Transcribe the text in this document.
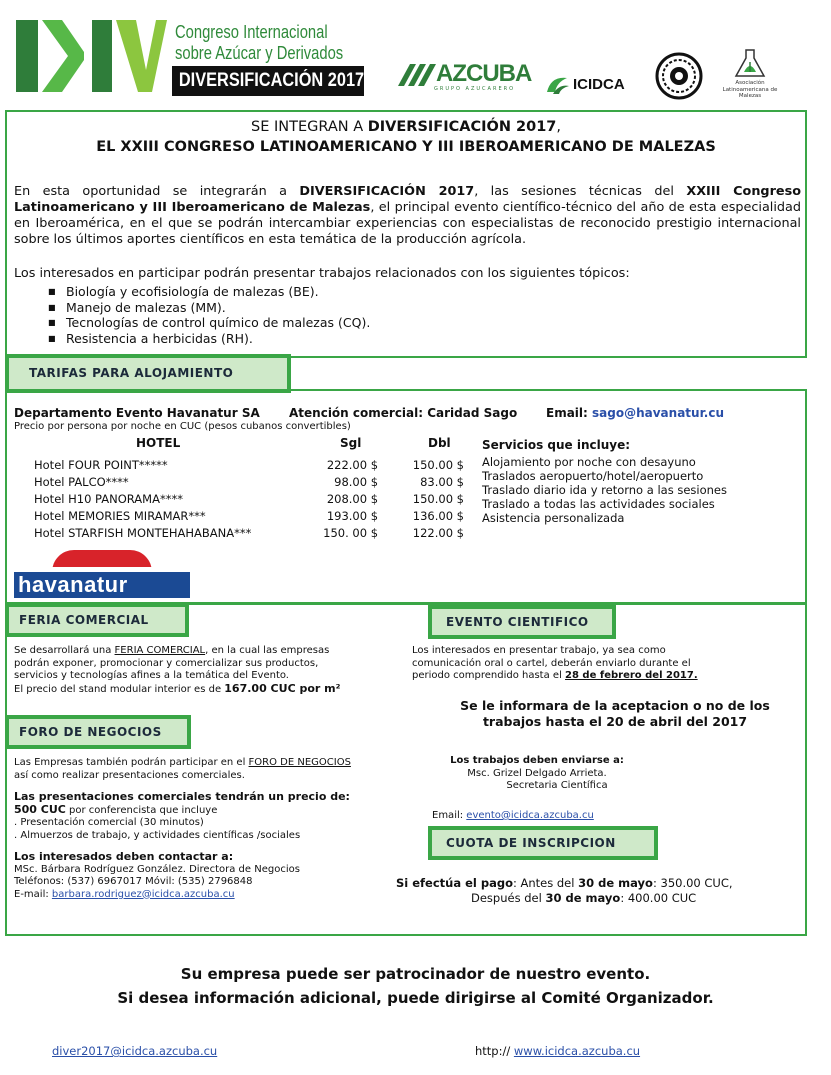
Congreso Internacional
sobre Azúcar y Derivados
DIVERSIFICACIÓN 2017	AZCUBA
GRUPO AZUCARERO	ICIDCA	Asociación Latinoamericana de Malezas
SE INTEGRAN A DIVERSIFICACIÓN 2017,
EL XXIII CONGRESO LATINOAMERICANO Y III IBEROAMERICANO DE MALEZAS
En esta oportunidad se integrarán a DIVERSIFICACIÓN 2017, las sesiones técnicas del XXIII Congreso Latinoamericano y III Iberoamericano de Malezas, el principal evento científico-técnico del año de esta especialidad en Iberoamérica, en el que se podrán intercambiar experiencias con especialistas de reconocido prestigio internacional sobre los últimos aportes científicos en esta temática de la producción agrícola.
Los interesados en participar podrán presentar trabajos relacionados con los siguientes tópicos:
■ Biología y ecofisiología de malezas (BE).
■ Manejo de malezas (MM).
■ Tecnologías de control químico de malezas (CQ).
■ Resistencia a herbicidas (RH).
TARIFAS PARA ALOJAMIENTO
Departamento Evento Havanatur SA Atención comercial: Caridad Sago Email: sago@havanatur.cu
Precio por persona por noche en CUC (pesos cubanos convertibles)
HOTEL	Sgl	Dbl
Hotel FOUR POINT*****	222.00 $	150.00 $
Hotel PALCO****	98.00 $	83.00 $
Hotel H10 PANORAMA****	208.00 $	150.00 $
Hotel MEMORIES MIRAMAR***	193.00 $	136.00 $
Hotel STARFISH MONTEHAHABANA***	150. 00 $	122.00 $
Servicios que incluye:
Alojamiento por noche con desayuno
Traslados aeropuerto/hotel/aeropuerto
Traslado diario ida y retorno a las sesiones
Traslado a todas las actividades sociales
Asistencia personalizada
havanatur
FERIA COMERCIAL
Se desarrollará una FERIA COMERCIAL, en la cual las empresas
podrán exponer, promocionar y comercializar sus productos,
servicios y tecnologías afines a la temática del Evento.
El precio del stand modular interior es de 167.00 CUC por m²
EVENTO CIENTIFICO
Los interesados en presentar trabajo, ya sea como
comunicación oral o cartel, deberán enviarlo durante el
periodo comprendido hasta el 28 de febrero del 2017.
Se le informara de la aceptacion o no de los
trabajos hasta el 20 de abril del 2017
Los trabajos deben enviarse a:
Msc. Grizel Delgado Arrieta.
Secretaria Científica
Email: evento@icidca.azcuba.cu
FORO DE NEGOCIOS
Las Empresas también podrán participar en el FORO DE NEGOCIOS
así como realizar presentaciones comerciales.
Las presentaciones comerciales tendrán un precio de:
500 CUC por conferencista que incluye
. Presentación comercial (30 minutos)
. Almuerzos de trabajo, y actividades científicas /sociales
Los interesados deben contactar a:
MSc. Bárbara Rodríguez González. Directora de Negocios
Teléfonos: (537) 6967017 Móvil: (535) 2796848
E-mail: barbara.rodriguez@icidca.azcuba.cu
CUOTA DE INSCRIPCION
Si efectúa el pago: Antes del 30 de mayo: 350.00 CUC,
Después del 30 de mayo: 400.00 CUC
Su empresa puede ser patrocinador de nuestro evento.
Si desea información adicional, puede dirigirse al Comité Organizador.
diver2017@icidca.azcuba.cu	http:// www.icidca.azcuba.cu
